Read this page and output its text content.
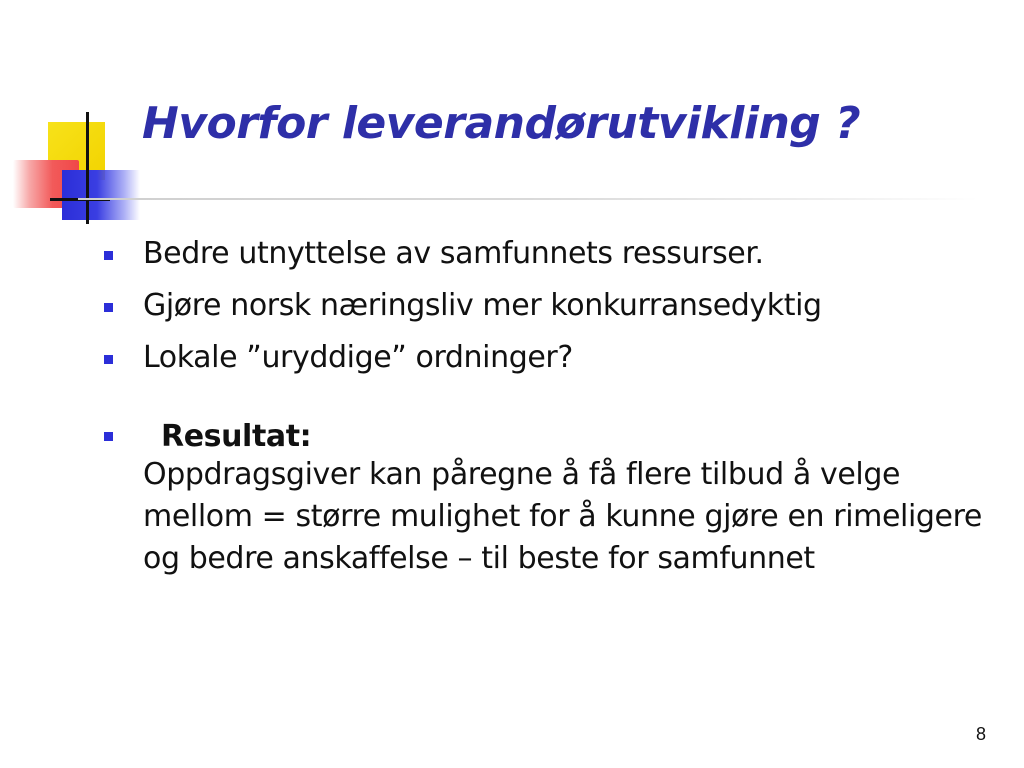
Hvorfor leverandørutvikling ?
Bedre utnyttelse av samfunnets ressurser.
Gjøre norsk næringsliv mer konkurransedyktig
Lokale ”uryddige” ordninger?
Resultat:
Oppdragsgiver kan påregne å få flere tilbud å velge mellom = større mulighet for å kunne gjøre en rimeligere og bedre anskaffelse – til beste for samfunnet
8
